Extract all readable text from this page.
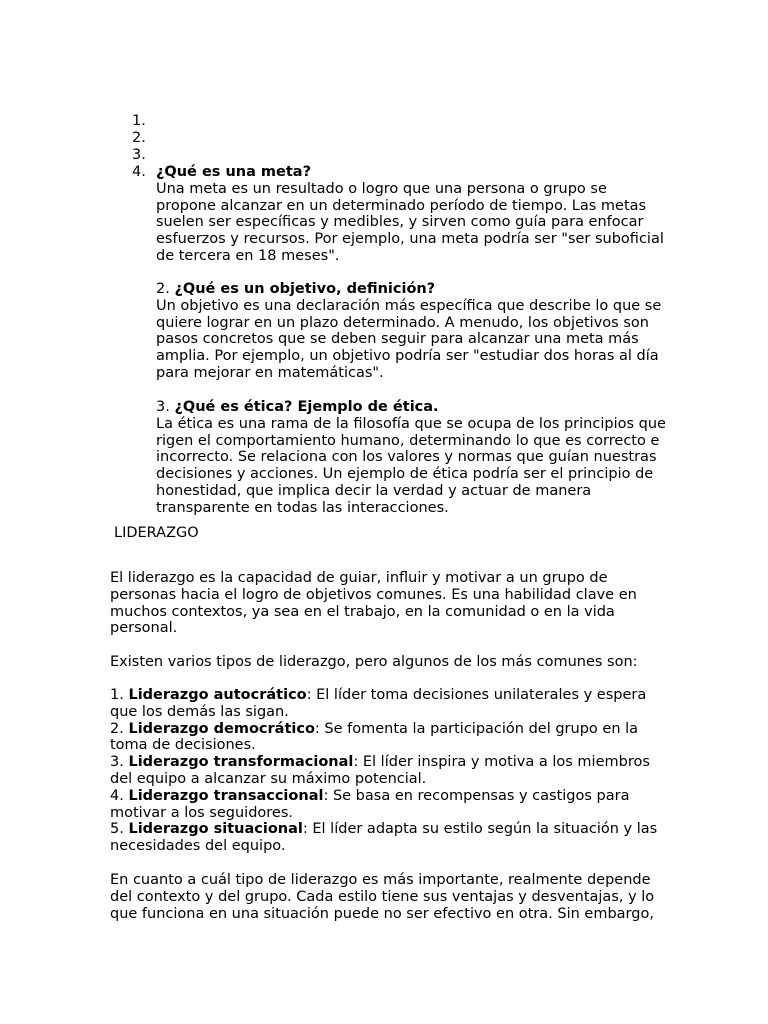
1.
2.
3.
4. ¿Qué es una meta?
Una meta es un resultado o logro que una persona o grupo se
propone alcanzar en un determinado período de tiempo. Las metas
suelen ser específicas y medibles, y sirven como guía para enfocar
esfuerzos y recursos. Por ejemplo, una meta podría ser "ser suboficial
de tercera en 18 meses".
2. ¿Qué es un objetivo, definición?
Un objetivo es una declaración más específica que describe lo que se
quiere lograr en un plazo determinado. A menudo, los objetivos son
pasos concretos que se deben seguir para alcanzar una meta más
amplia. Por ejemplo, un objetivo podría ser "estudiar dos horas al día
para mejorar en matemáticas".
3. ¿Qué es ética? Ejemplo de ética.
La ética es una rama de la filosofía que se ocupa de los principios que
rigen el comportamiento humano, determinando lo que es correcto e
incorrecto. Se relaciona con los valores y normas que guían nuestras
decisiones y acciones. Un ejemplo de ética podría ser el principio de
honestidad, que implica decir la verdad y actuar de manera
transparente en todas las interacciones.
LIDERAZGO
El liderazgo es la capacidad de guiar, influir y motivar a un grupo de
personas hacia el logro de objetivos comunes. Es una habilidad clave en
muchos contextos, ya sea en el trabajo, en la comunidad o en la vida
personal.
Existen varios tipos de liderazgo, pero algunos de los más comunes son:
1. Liderazgo autocrático: El líder toma decisiones unilaterales y espera
que los demás las sigan.
2. Liderazgo democrático: Se fomenta la participación del grupo en la
toma de decisiones.
3. Liderazgo transformacional: El líder inspira y motiva a los miembros
del equipo a alcanzar su máximo potencial.
4. Liderazgo transaccional: Se basa en recompensas y castigos para
motivar a los seguidores.
5. Liderazgo situacional: El líder adapta su estilo según la situación y las
necesidades del equipo.
En cuanto a cuál tipo de liderazgo es más importante, realmente depende
del contexto y del grupo. Cada estilo tiene sus ventajas y desventajas, y lo
que funciona en una situación puede no ser efectivo en otra. Sin embargo,
